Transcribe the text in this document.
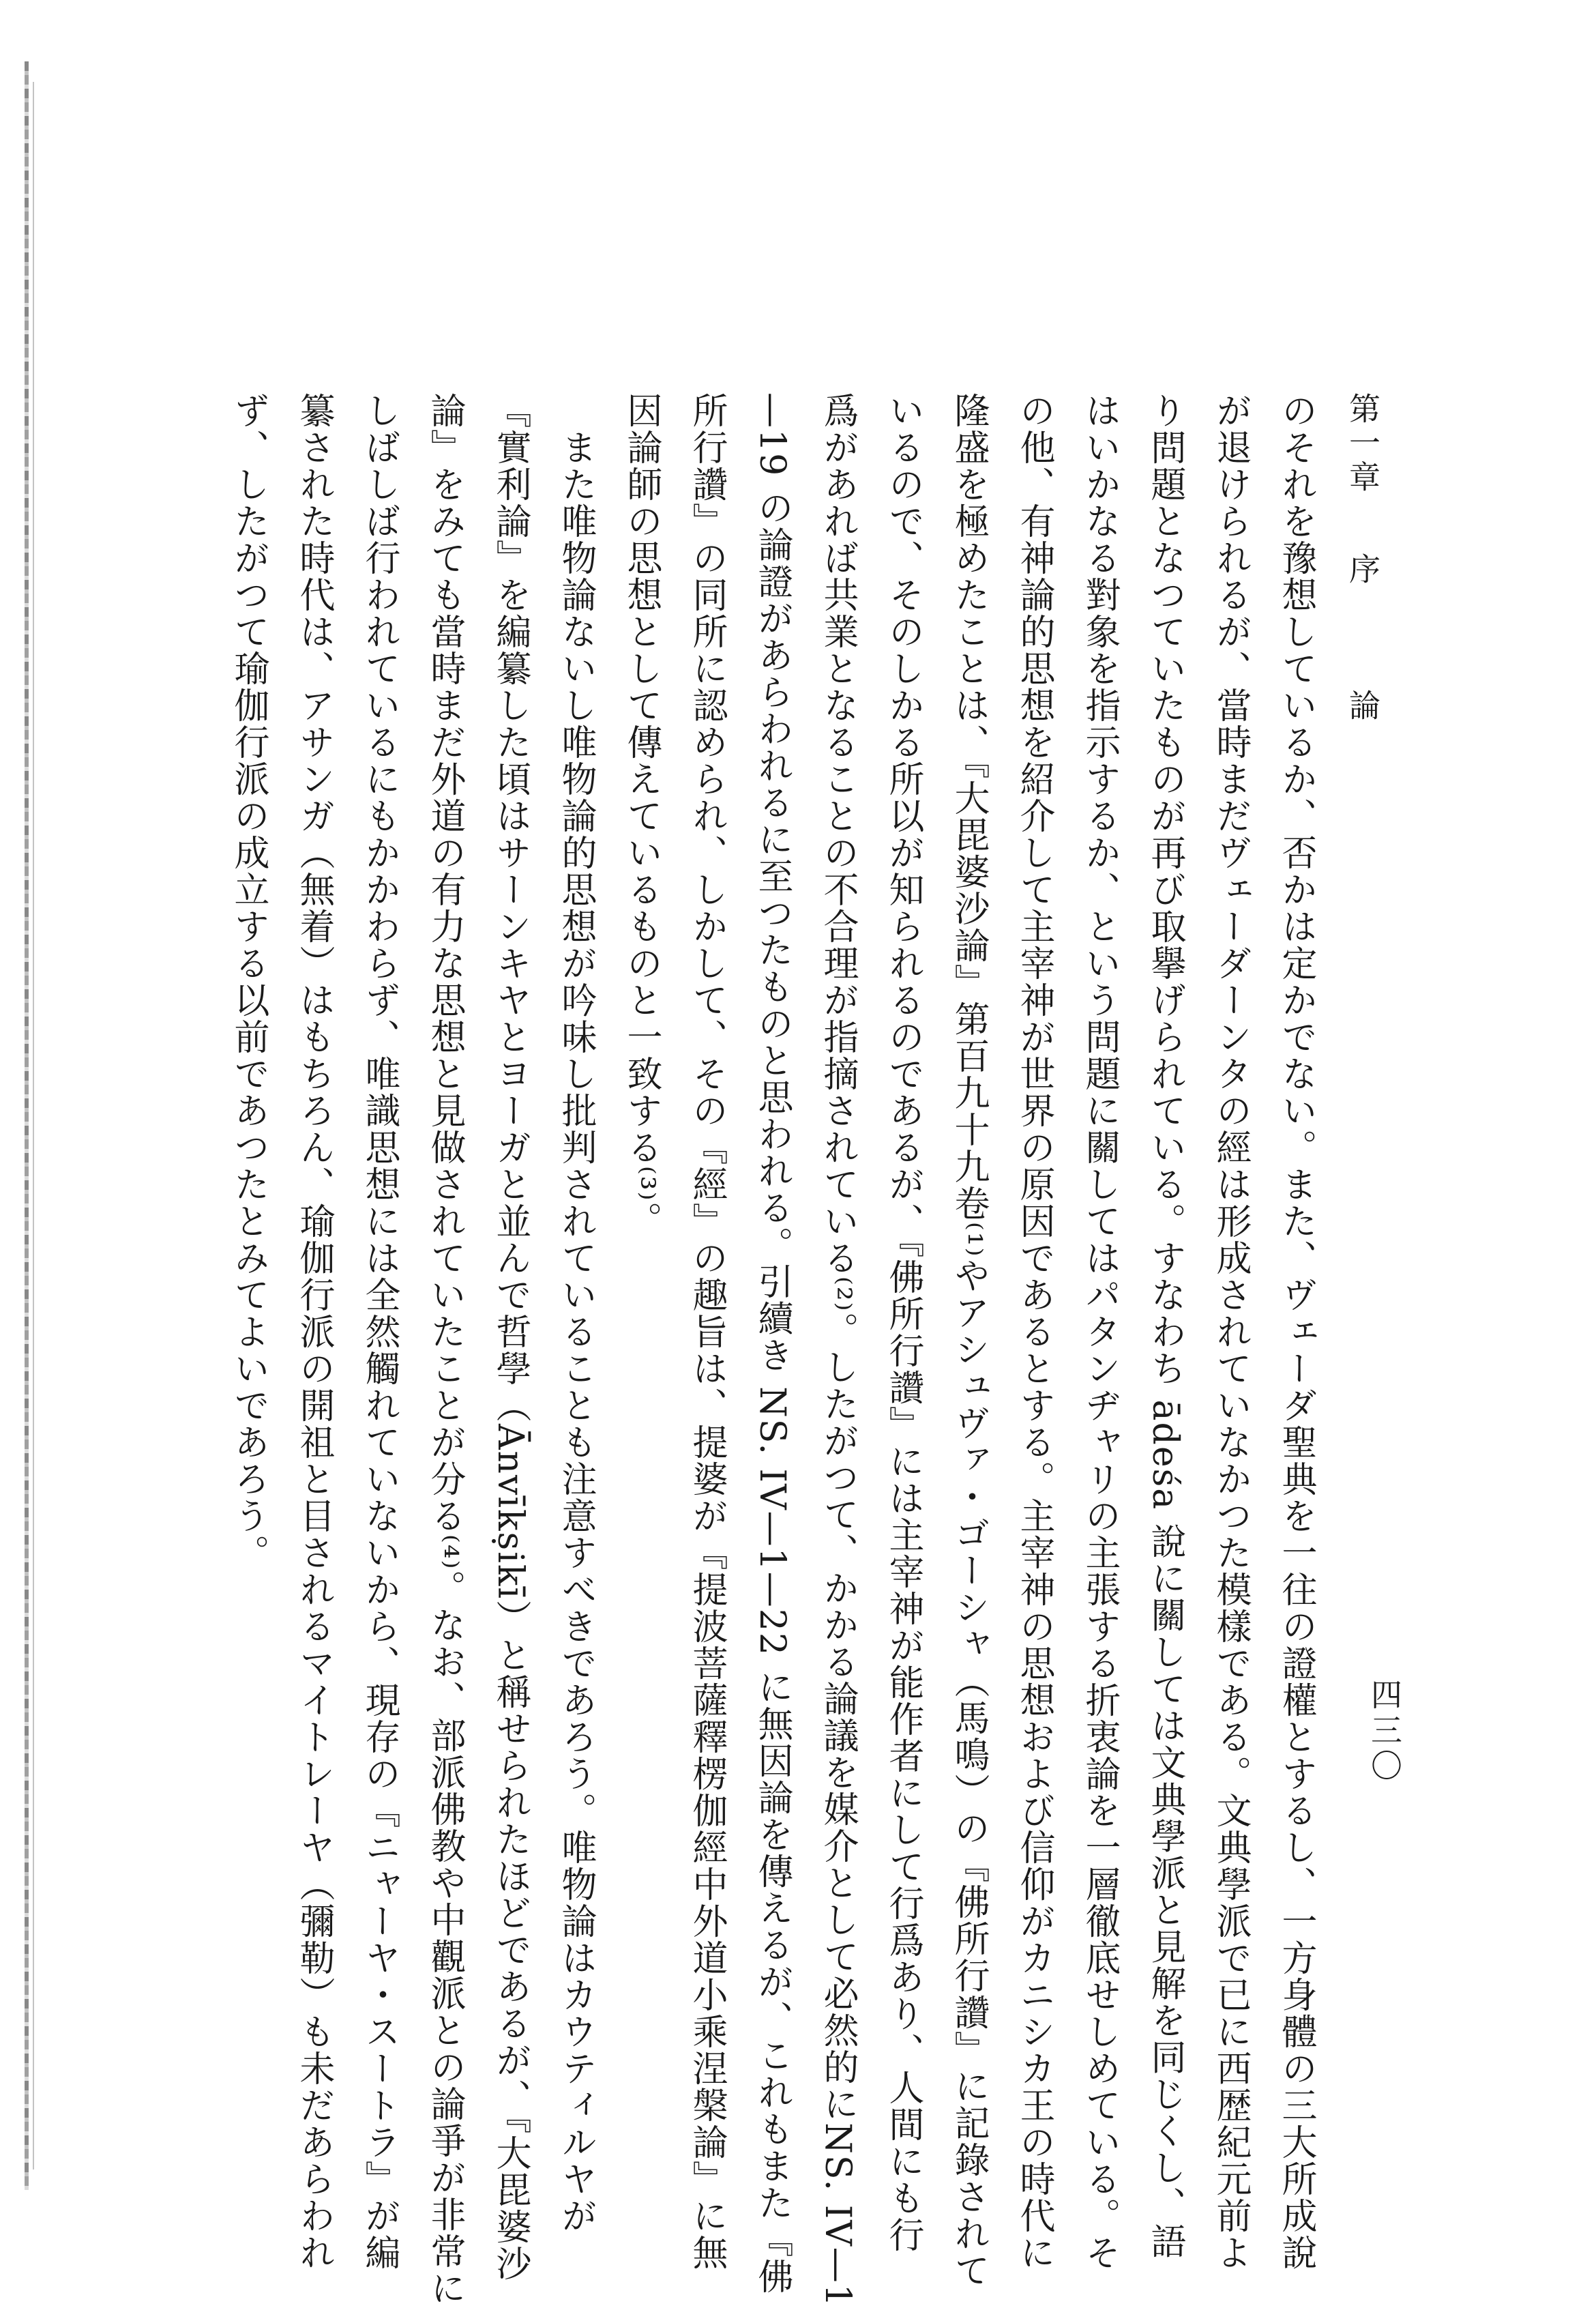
第一章
序
論
四三〇
のそれを豫想しているか、否かは定かでない。また、ヴェーダ聖典を一往の證權とするし、一方身體の三大所成說
が退けられるが、當時まだヴェーダーンタの經は形成されていなかつた模樣である。文典學派で已に西歴紀元前よ
り問題となつていたものが再び取擧げられている。すなわち ādeśa 說に關しては文典學派と見解を同じくし、語
はいかなる對象を指示するか、という問題に關してはパタンヂャリの主張する折衷論を一層徹底せしめている。そ
の他、有神論的思想を紹介して主宰神が世界の原因であるとする。主宰神の思想および信仰がカニシカ王の時代に
隆盛を極めたことは、『大毘婆沙論』第百九十九卷⁽¹⁾やアシュヴァ・ゴーシャ（馬鳴）の『佛所行讚』に記錄されて
いるので、そのしかる所以が知られるのであるが、『佛所行讚』には主宰神が能作者にして行爲あり、人間にも行
爲があれば共業となることの不合理が指摘されている⁽²⁾。したがつて、かかる論議を媒介として必然的にNS. IV—1
—19 の論證があらわれるに至つたものと思われる。引續き NS. IV—1—22 に無因論を傳えるが、これもまた『佛
所行讚』の同所に認められ、しかして、その『經』の趣旨は、提婆が『提波菩薩釋楞伽經中外道小乘涅槃論』に無
因論師の思想として傳えているものと一致する⁽³⁾。
　また唯物論ないし唯物論的思想が吟味し批判されていることも注意すべきであろう。唯物論はカウティルヤが
『實利論』を編纂した頃はサーンキヤとヨーガと並んで哲學（Ānvīkṣikī）と稱せられたほどであるが、『大毘婆沙
論』をみても當時まだ外道の有力な思想と見做されていたことが分る⁽⁴⁾。なお、部派佛教や中觀派との論爭が非常に
しばしば行われているにもかかわらず、唯識思想には全然觸れていないから、現存の『ニャーヤ・スートラ』が編
纂された時代は、アサンガ（無着）はもちろん、瑜伽行派の開祖と目されるマイトレーヤ（彌勒）も未だあらわれ
ず、したがつて瑜伽行派の成立する以前であつたとみてよいであろう。
